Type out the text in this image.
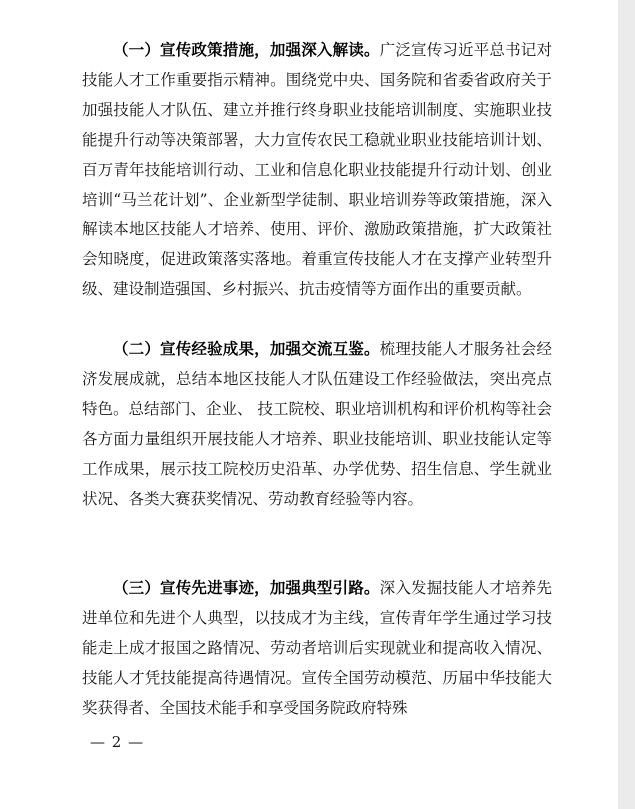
（一）宣传政策措施，加强深入解读。广泛宣传习近平总书记对技能人才工作重要指示精神。围绕党中央、国务院和省委省政府关于加强技能人才队伍、建立并推行终身职业技能培训制度、实施职业技能提升行动等决策部署，大力宣传农民工稳就业职业技能培训计划、百万青年技能培训行动、工业和信息化职业技能提升行动计划、创业培训“马兰花计划”、企业新型学徒制、职业培训券等政策措施，深入解读本地区技能人才培养、使用、评价、激励政策措施，扩大政策社会知晓度，促进政策落实落地。着重宣传技能人才在支撑产业转型升级、建设制造强国、乡村振兴、抗击疫情等方面作出的重要贡献。

（二）宣传经验成果，加强交流互鉴。梳理技能人才服务社会经济发展成就，总结本地区技能人才队伍建设工作经验做法，突出亮点特色。总结部门、企业、 技工院校、职业培训机构和评价机构等社会各方面力量组织开展技能人才培养、职业技能培训、职业技能认定等工作成果，展示技工院校历史沿革、办学优势、招生信息、学生就业状况、各类大赛获奖情况、劳动教育经验等内容。

（三）宣传先进事迹，加强典型引路。深入发掘技能人才培养先进单位和先进个人典型，以技成才为主线，宣传青年学生通过学习技能走上成才报国之路情况、劳动者培训后实现就业和提高收入情况、技能人才凭技能提高待遇情况。宣传全国劳动模范、历届中华技能大奖获得者、全国技术能手和享受国务院政府特殊

— 2 —
